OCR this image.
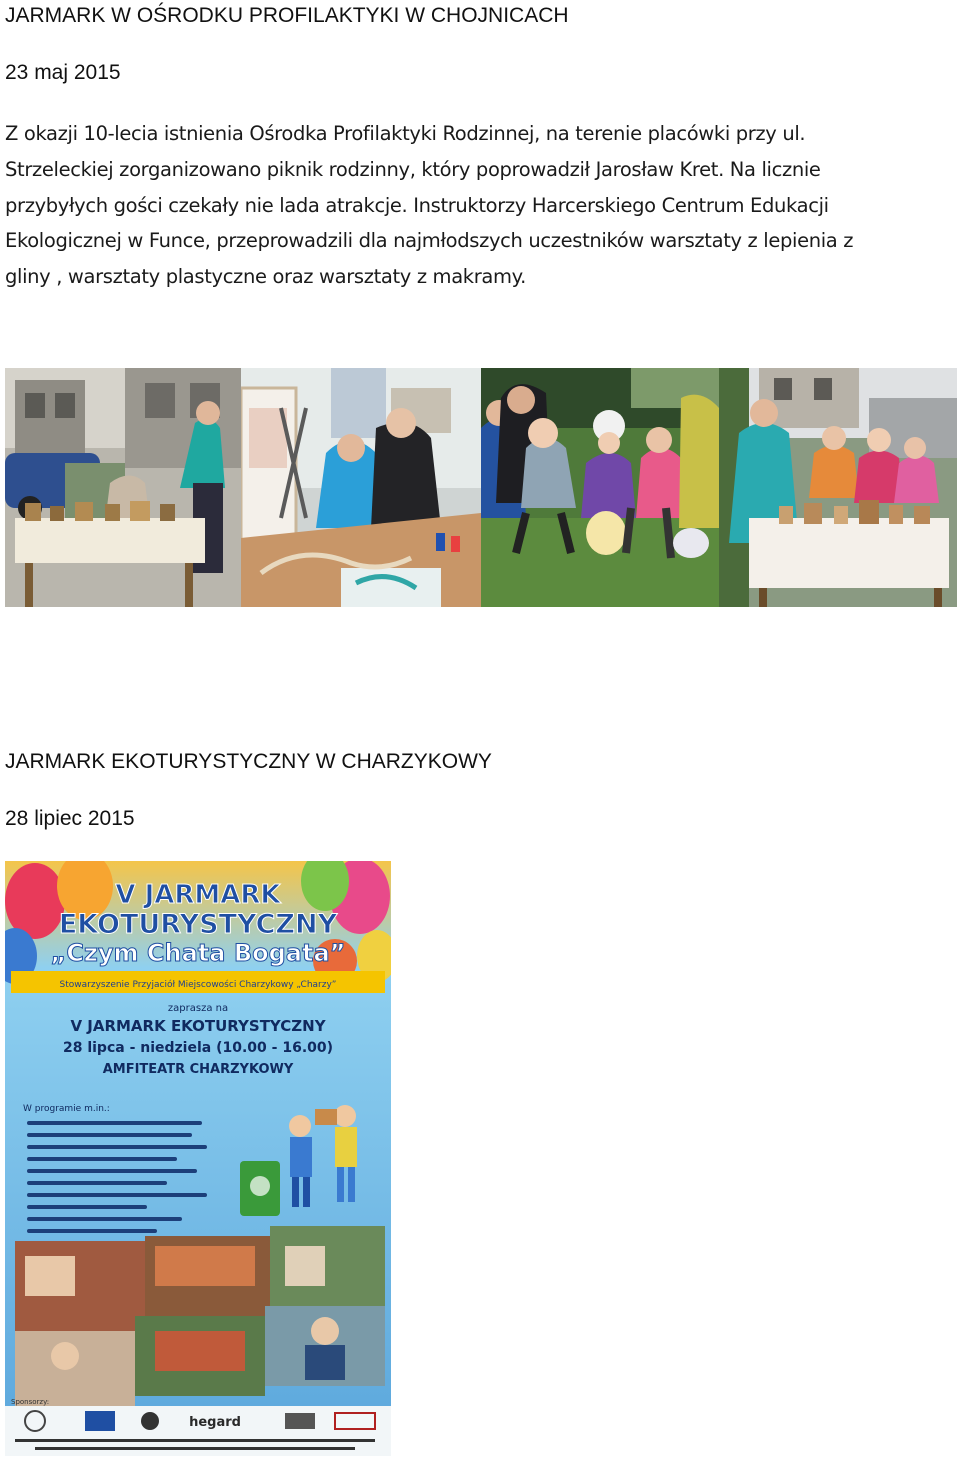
JARMARK W OŚRODKU PROFILAKTYKI W CHOJNICACH
23 maj 2015
Z okazji 10-lecia istnienia Ośrodka Profilaktyki Rodzinnej, na terenie placówki przy ul.
Strzeleckiej zorganizowano piknik rodzinny, który poprowadził Jarosław Kret. Na licznie
przybyłych gości czekały nie lada atrakcje. Instruktorzy Harcerskiego Centrum Edukacji
Ekologicznej w Funce, przeprowadzili dla najmłodszych uczestników warsztaty z lepienia z
gliny , warsztaty plastyczne oraz warsztaty z makramy.
JARMARK EKOTURYSTYCZNY W CHARZYKOWY
28 lipiec 2015
V JARMARK
EKOTURYSTYCZNY
„Czym Chata Bogata”
Stowarzyszenie Przyjaciół Miejscowości Charzykowy „Charzy”
zaprasza na
V JARMARK EKOTURYSTYCZNY
28 lipca - niedziela (10.00 - 16.00)
AMFITEATR CHARZYKOWY
W programie m.in.:
Sponsorzy:
hegard
